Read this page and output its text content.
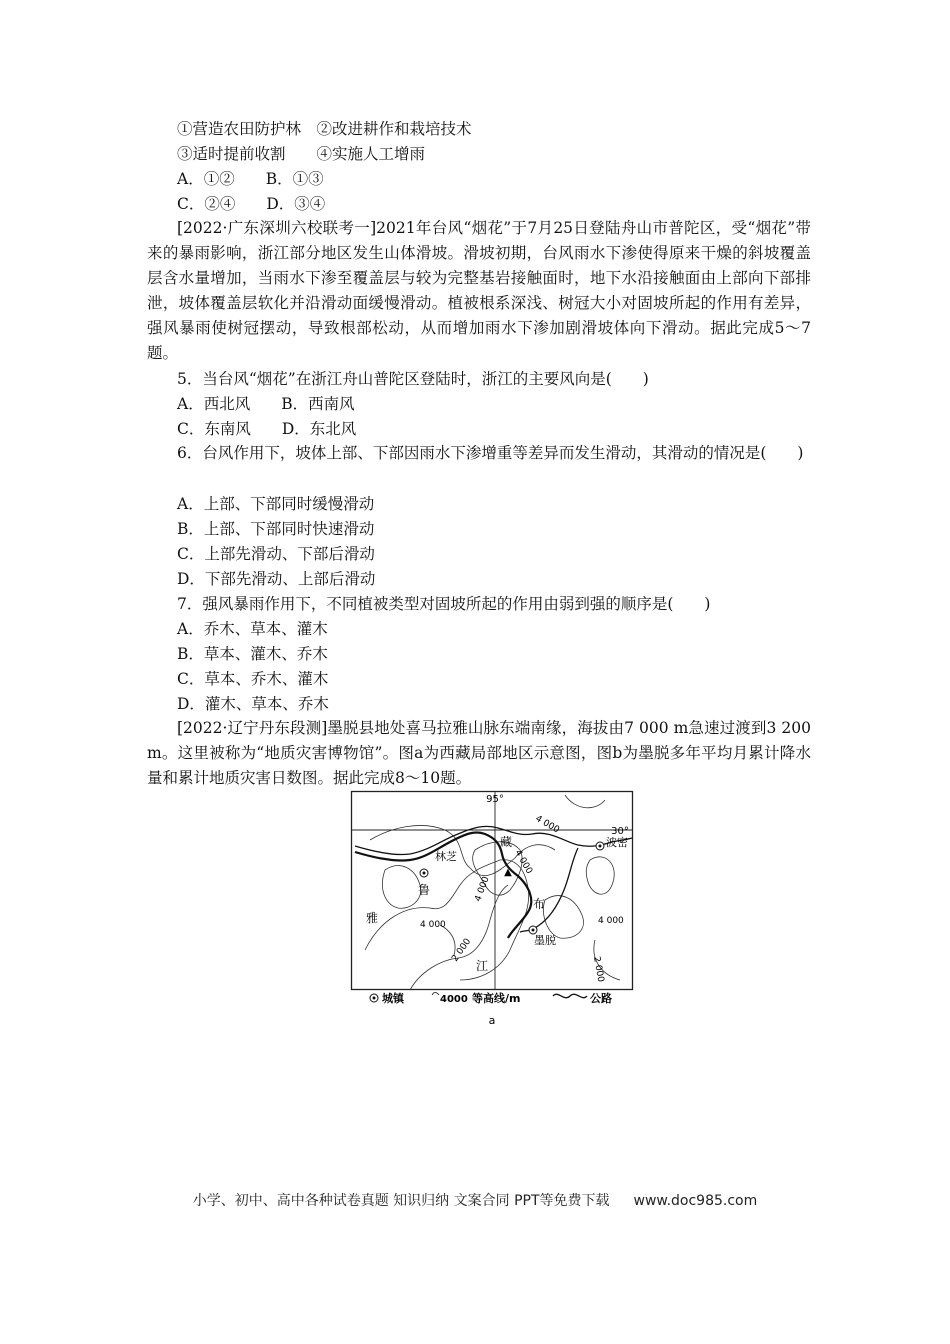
①营造农田防护林　②改进耕作和栽培技术
③适时提前收割　　④实施人工增雨
A．①②　　B．①③
C．②④　　D．③④
[2022·广东深圳六校联考一]2021年台风“烟花”于7月25日登陆舟山市普陀区，受“烟花”带来的暴雨影响，浙江部分地区发生山体滑坡。滑坡初期，台风雨水下渗使得原来干燥的斜坡覆盖层含水量增加，当雨水下渗至覆盖层与较为完整基岩接触面时，地下水沿接触面由上部向下部排泄，坡体覆盖层软化并沿滑动面缓慢滑动。植被根系深浅、树冠大小对固坡所起的作用有差异，强风暴雨使树冠摆动，导致根部松动，从而增加雨水下渗加剧滑坡体向下滑动。据此完成5～7题。
5．当台风“烟花”在浙江舟山普陀区登陆时，浙江的主要风向是(　　)
A．西北风　　B．西南风
C．东南风　　D．东北风
6．台风作用下，坡体上部、下部因雨水下渗增重等差异而发生滑动，其滑动的情况是(　　)
A．上部、下部同时缓慢滑动
B．上部、下部同时快速滑动
C．上部先滑动、下部后滑动
D．下部先滑动、上部后滑动
7．强风暴雨作用下，不同植被类型对固坡所起的作用由弱到强的顺序是(　　)
A．乔木、草本、灌木
B．草本、灌木、乔木
C．草本、乔木、灌木
D．灌木、草本、乔木
[2022·辽宁丹东段测]墨脱县地处喜马拉雅山脉东端南缘，海拔由7 000 m急速过渡到3 200 m。这里被称为“地质灾害博物馆”。图a为西藏局部地区示意图，图b为墨脱多年平均月累计降水量和累计地质灾害日数图。据此完成8～10题。
95°
30°
林芝
波密
墨脱
▲
雅
鲁
藏
布
江
4 000
4 000
4 000
4 000
4 000
2 000
2 000
城镇	4000 等高线/m	公路
a
小学、初中、高中各种试卷真题 知识归纳 文案合同 PPT等免费下载 www.doc985.com
